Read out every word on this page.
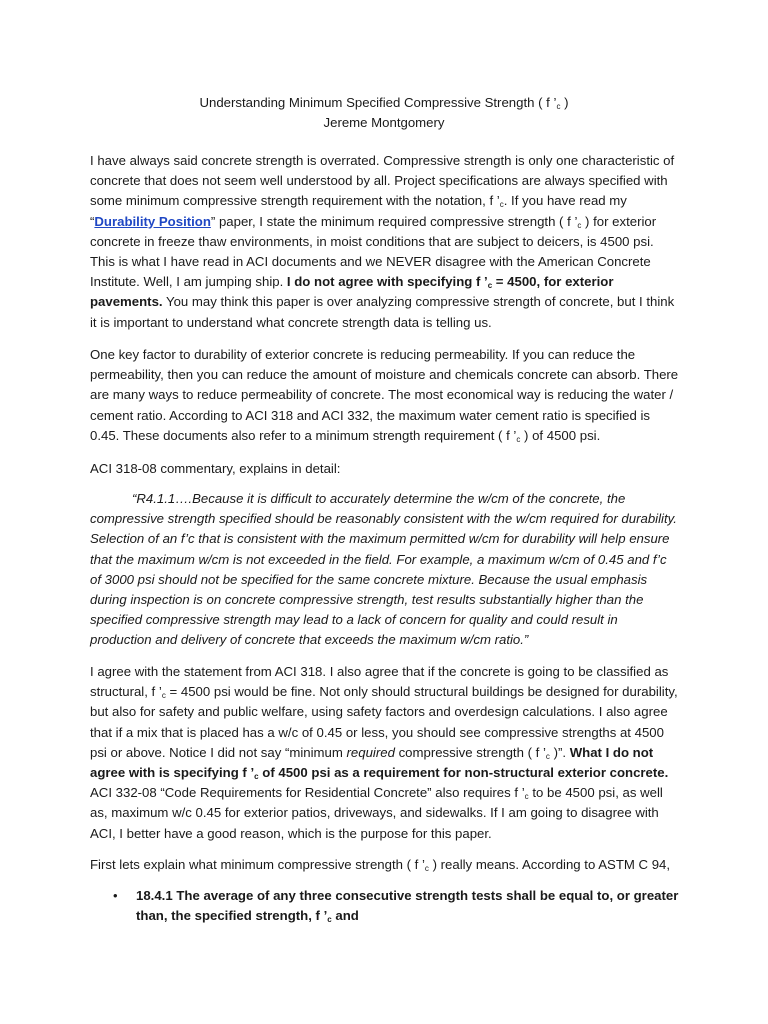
Understanding Minimum Specified Compressive Strength ( f $’_c$ )
Jereme Montgomery

I have always said concrete strength is overrated. Compressive strength is only one characteristic of concrete that does not seem well understood by all. Project specifications are always specified with some minimum compressive strength requirement with the notation, f $’_c$. If you have read my “Durability Position” paper, I state the minimum required compressive strength ( f $’_c$ ) for exterior concrete in freeze thaw environments, in moist conditions that are subject to deicers, is 4500 psi. This is what I have read in ACI documents and we NEVER disagree with the American Concrete Institute. Well, I am jumping ship. I do not agree with specifying f $’_c = 4500$, for exterior pavements. You may think this paper is over analyzing compressive strength of concrete, but I think it is important to understand what concrete strength data is telling us.

One key factor to durability of exterior concrete is reducing permeability. If you can reduce the permeability, then you can reduce the amount of moisture and chemicals concrete can absorb. There are many ways to reduce permeability of concrete. The most economical way is reducing the water / cement ratio. According to ACI 318 and ACI 332, the maximum water cement ratio is specified is 0.45. These documents also refer to a minimum strength requirement ( f $’_c$ ) of 4500 psi.

ACI 318-08 commentary, explains in detail:

“R4.1.1….Because it is difficult to accurately determine the w/cm of the concrete, the compressive strength specified should be reasonably consistent with the w/cm required for durability. Selection of an f’c that is consistent with the maximum permitted w/cm for durability will help ensure that the maximum w/cm is not exceeded in the field. For example, a maximum w/cm of 0.45 and f’c of 3000 psi should not be specified for the same concrete mixture. Because the usual emphasis during inspection is on concrete compressive strength, test results substantially higher than the specified compressive strength may lead to a lack of concern for quality and could result in production and delivery of concrete that exceeds the maximum w/cm ratio.”

I agree with the statement from ACI 318. I also agree that if the concrete is going to be classified as structural, f $’_c = 4500$ psi would be fine. Not only should structural buildings be designed for durability, but also for safety and public welfare, using safety factors and overdesign calculations. I also agree that if a mix that is placed has a w/c of 0.45 or less, you should see compressive strengths at 4500 psi or above. Notice I did not say “minimum required compressive strength ( f $’_c$ )”. What I do not agree with is specifying f $’_c$ of 4500 psi as a requirement for non-structural exterior concrete. ACI 332-08 “Code Requirements for Residential Concrete” also requires f $’_c$ to be 4500 psi, as well as, maximum w/c 0.45 for exterior patios, driveways, and sidewalks. If I am going to disagree with ACI, I better have a good reason, which is the purpose for this paper.

First lets explain what minimum compressive strength ( f $’_c$ ) really means. According to ASTM C 94,

• 18.4.1 The average of any three consecutive strength tests shall be equal to, or greater than, the specified strength, f $’_c$ and
